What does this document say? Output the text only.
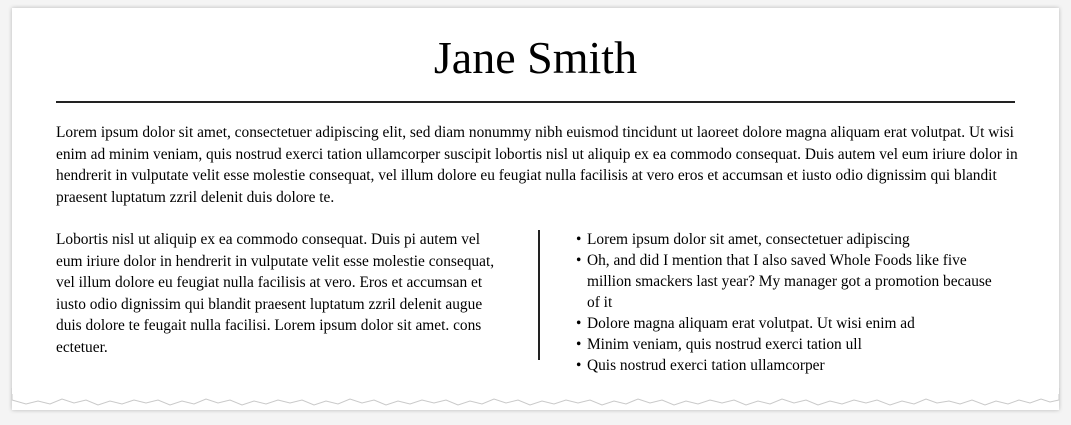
Jane Smith

Lorem ipsum dolor sit amet, consectetuer adipiscing elit, sed diam nonummy nibh euismod tincidunt ut laoreet dolore magna aliquam erat volutpat. Ut wisi enim ad minim veniam, quis nostrud exerci tation ullamcorper suscipit lobortis nisl ut aliquip ex ea commodo consequat. Duis autem vel eum iriure dolor in hendrerit in vulputate velit esse molestie consequat, vel illum dolore eu feugiat nulla facilisis at vero eros et accumsan et iusto odio dignissim qui blandit praesent luptatum zzril delenit duis dolore te.

Lobortis nisl ut aliquip ex ea commodo consequat. Duis pi autem vel eum iriure dolor in hendrerit in vulputate velit esse molestie consequat, vel illum dolore eu feugiat nulla facilisis at vero. Eros et accumsan et iusto odio dignissim qui blandit praesent luptatum zzril delenit augue duis dolore te feugait nulla facilisi. Lorem ipsum dolor sit amet. cons ectetuer.

• Lorem ipsum dolor sit amet, consectetuer adipiscing
• Oh, and did I mention that I also saved Whole Foods like five million smackers last year? My manager got a promotion because of it
• Dolore magna aliquam erat volutpat. Ut wisi enim ad
• Minim veniam, quis nostrud exerci tation ull
• Quis nostrud exerci tation ullamcorper
